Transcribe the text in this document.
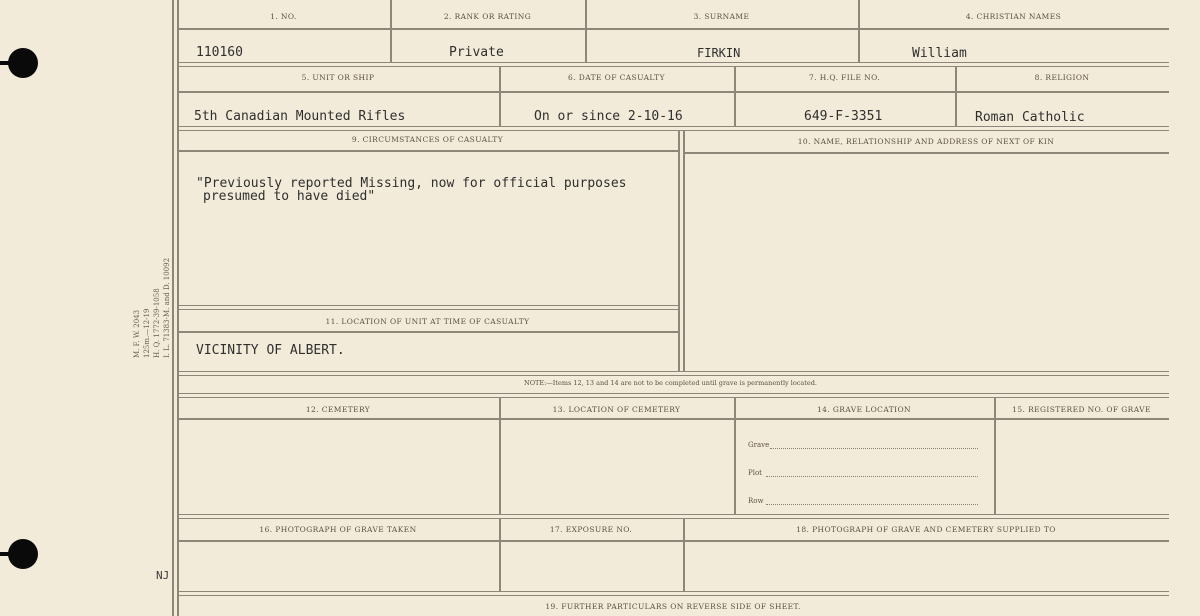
M. F. W. 2043 125m.—12-19 H. Q. 1772-39-1058 I. L. 71383-M. and D. 10092
NJ
1. NO.	2. RANK OR RATING	3. SURNAME	4. CHRISTIAN NAMES
110160	Private	FIRKIN	William
5. UNIT OR SHIP	6. DATE OF CASUALTY	7. H.Q. FILE NO.	8. RELIGION
5th Canadian Mounted Rifles	On or since 2-10-16	649-F-3351	Roman Catholic
9. CIRCUMSTANCES OF CASUALTY	10. NAME, RELATIONSHIP AND ADDRESS OF NEXT OF KIN
"Previously reported Missing, now for official purposes
presumed to have died"
11. LOCATION OF UNIT AT TIME OF CASUALTY
VICINITY OF ALBERT.
NOTE:—Items 12, 13 and 14 are not to be completed until grave is permanently located.
12. CEMETERY	13. LOCATION OF CEMETERY	14. GRAVE LOCATION	15. REGISTERED NO. OF GRAVE
Grave
Plot
Row
16. PHOTOGRAPH OF GRAVE TAKEN	17. EXPOSURE NO.	18. PHOTOGRAPH OF GRAVE AND CEMETERY SUPPLIED TO
19. FURTHER PARTICULARS ON REVERSE SIDE OF SHEET.
